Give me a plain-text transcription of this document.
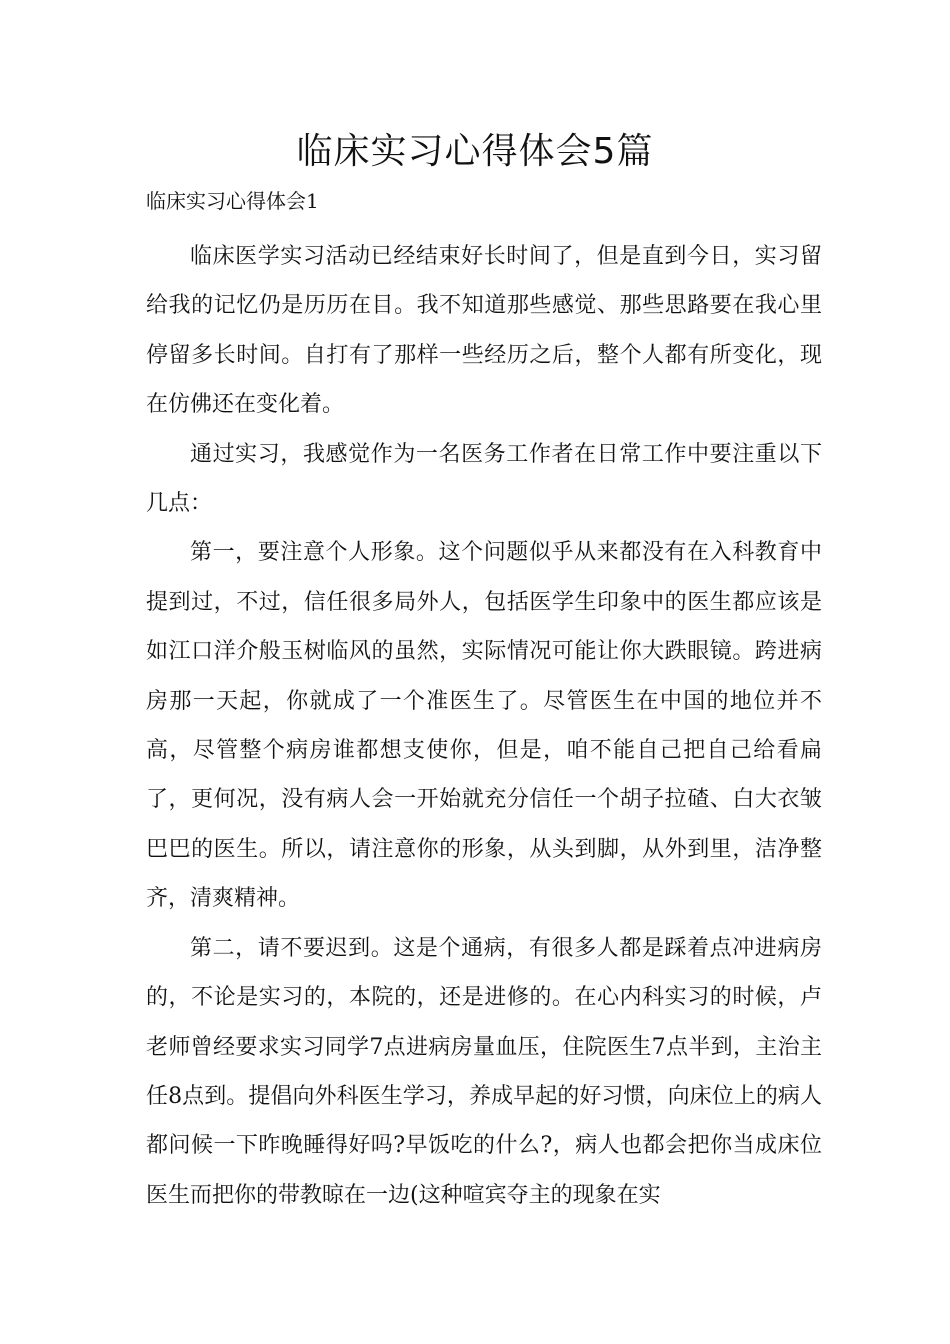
临床实习心得体会5篇
临床实习心得体会1

临床医学实习活动已经结束好长时间了，但是直到今日，实习留给我的记忆仍是历历在目。我不知道那些感觉、那些思路要在我心里停留多长时间。自打有了那样一些经历之后，整个人都有所变化，现在仿佛还在变化着。

通过实习，我感觉作为一名医务工作者在日常工作中要注重以下几点：

第一，要注意个人形象。这个问题似乎从来都没有在入科教育中提到过，不过，信任很多局外人，包括医学生印象中的医生都应该是如江口洋介般玉树临风的虽然，实际情况可能让你大跌眼镜。跨进病房那一天起，你就成了一个准医生了。尽管医生在中国的地位并不高，尽管整个病房谁都想支使你，但是，咱不能自己把自己给看扁了，更何况，没有病人会一开始就充分信任一个胡子拉碴、白大衣皱巴巴的医生。所以，请注意你的形象，从头到脚，从外到里，洁净整齐，清爽精神。

第二，请不要迟到。这是个通病，有很多人都是踩着点冲进病房的，不论是实习的，本院的，还是进修的。在心内科实习的时候，卢老师曾经要求实习同学7点进病房量血压，住院医生7点半到，主治主任8点到。提倡向外科医生学习，养成早起的好习惯，向床位上的病人都问候一下昨晚睡得好吗?早饭吃的什么?，病人也都会把你当成床位医生而把你的带教晾在一边(这种喧宾夺主的现象在实
